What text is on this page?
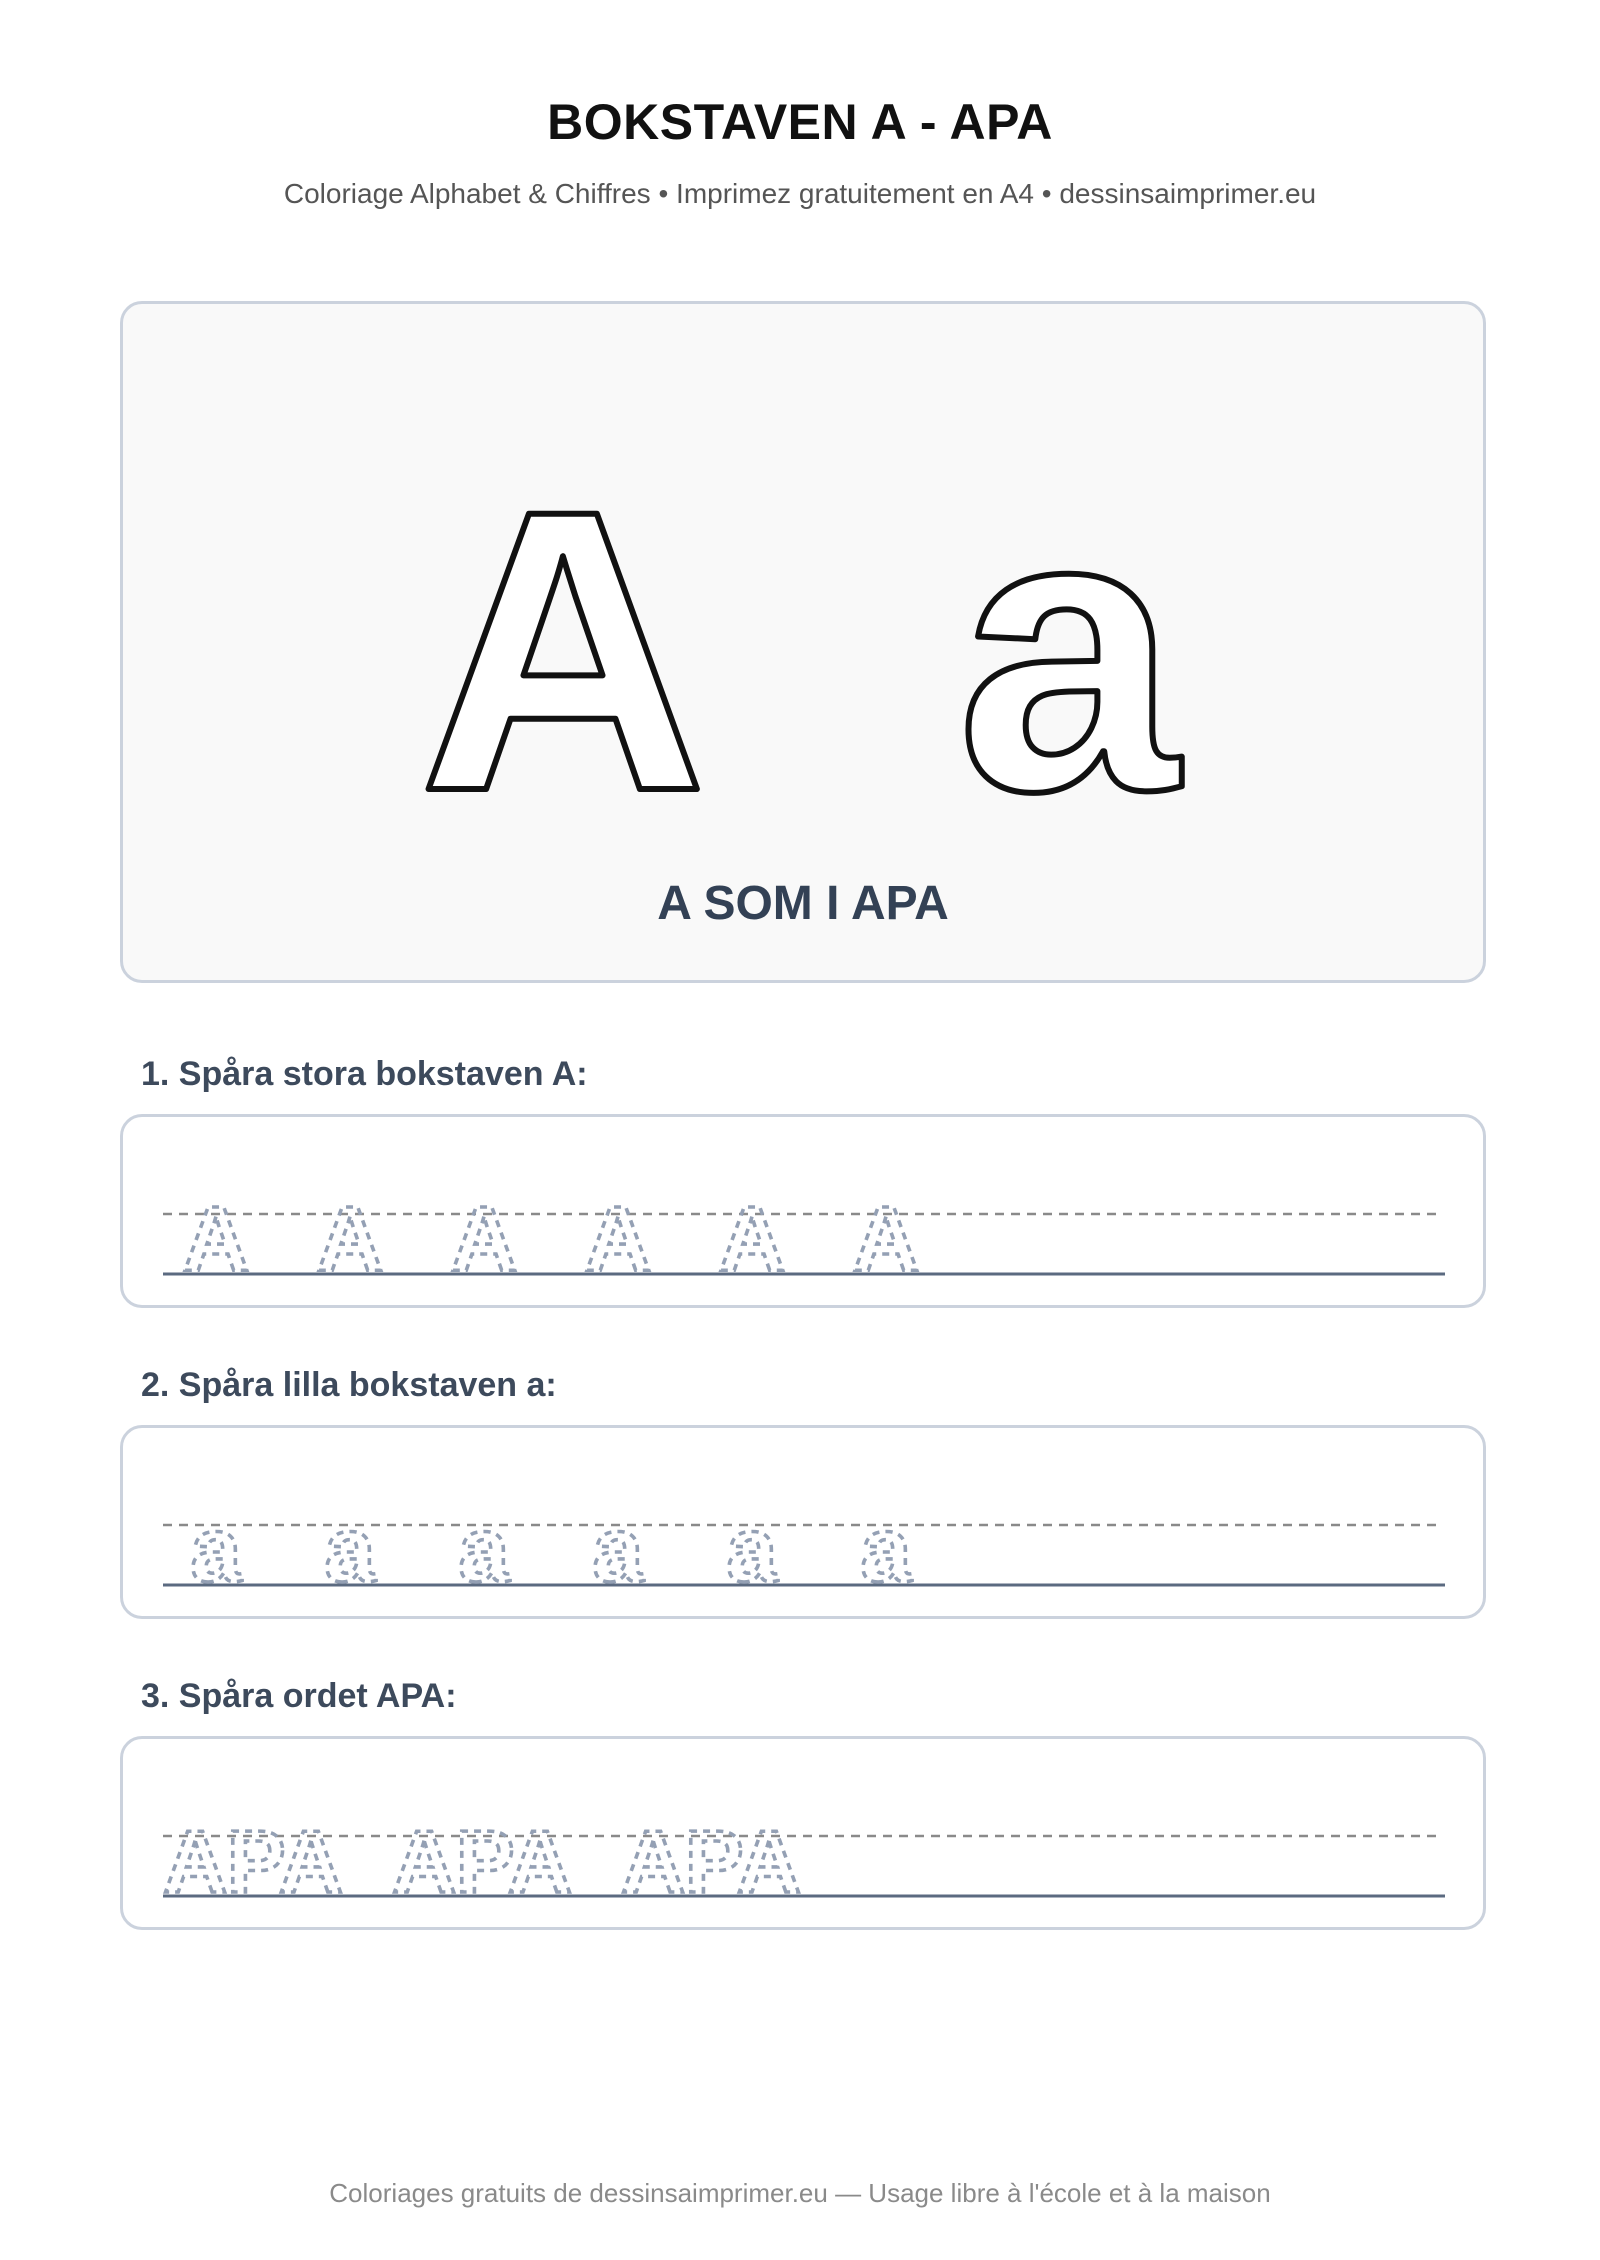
BOKSTAVEN A - APA
Coloriage Alphabet & Chiffres • Imprimez gratuitement en A4 • dessinsaimprimer.eu
A a
A SOM I APA
1. Spåra stora bokstaven A:
A A A A A A
2. Spåra lilla bokstaven a:
a a a a a a
3. Spåra ordet APA:
APA APA APA
Coloriages gratuits de dessinsaimprimer.eu — Usage libre à l'école et à la maison
